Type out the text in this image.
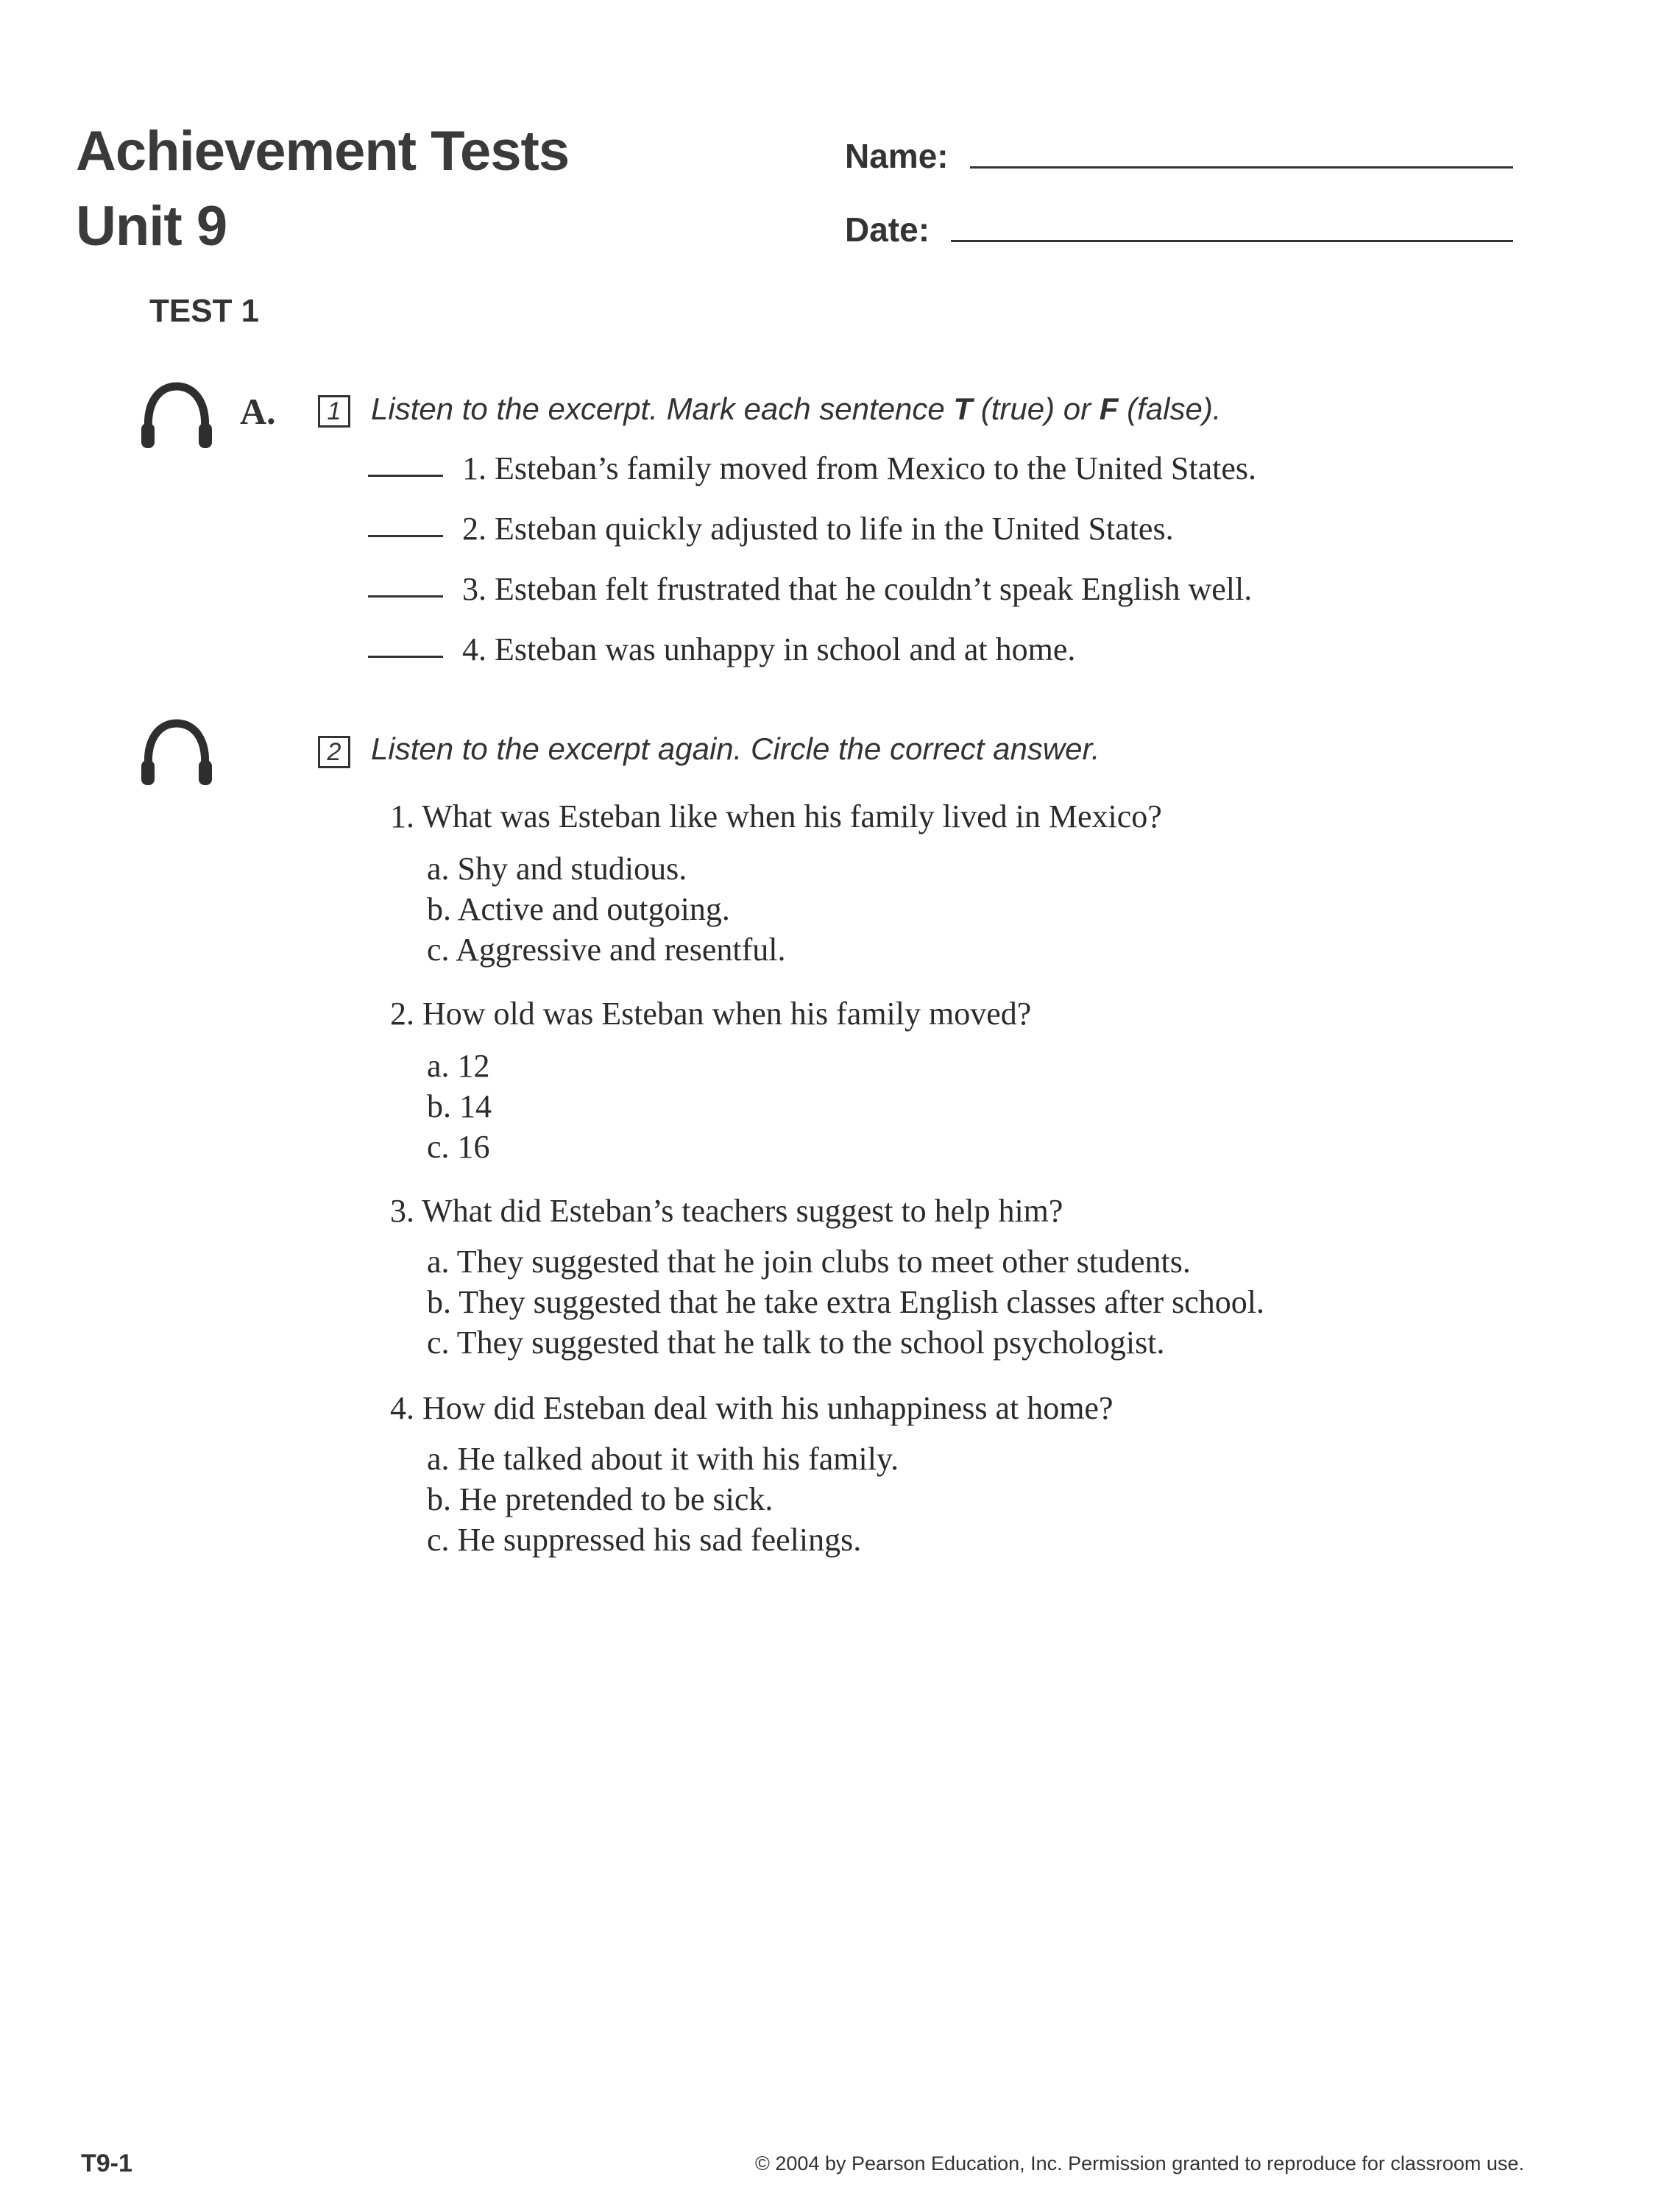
Achievement Tests
Unit 9
Name:
Date:
TEST 1
A.	1 Listen to the excerpt. Mark each sentence T (true) or F (false).
1. Esteban’s family moved from Mexico to the United States.
2. Esteban quickly adjusted to life in the United States.
3. Esteban felt frustrated that he couldn’t speak English well.
4. Esteban was unhappy in school and at home.
2 Listen to the excerpt again. Circle the correct answer.
1. What was Esteban like when his family lived in Mexico?
a. Shy and studious.
b. Active and outgoing.
c. Aggressive and resentful.
2. How old was Esteban when his family moved?
a. 12
b. 14
c. 16
3. What did Esteban’s teachers suggest to help him?
a. They suggested that he join clubs to meet other students.
b. They suggested that he take extra English classes after school.
c. They suggested that he talk to the school psychologist.
4. How did Esteban deal with his unhappiness at home?
a. He talked about it with his family.
b. He pretended to be sick.
c. He suppressed his sad feelings.
T9-1	© 2004 by Pearson Education, Inc. Permission granted to reproduce for classroom use.
